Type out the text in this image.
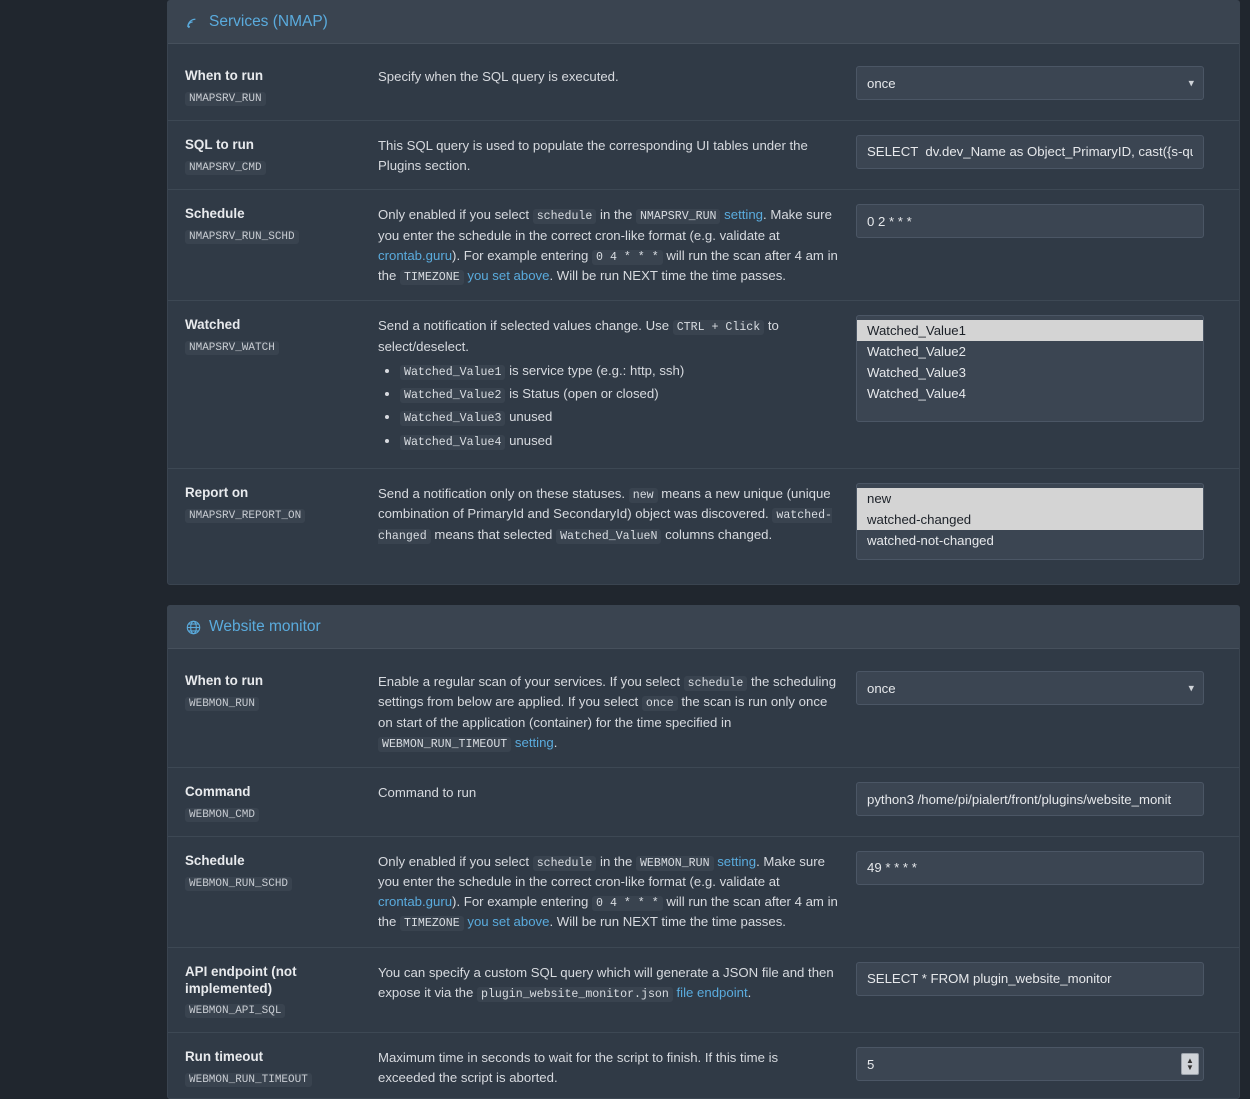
Services (NMAP)
When to run
NMAPSRV_RUN
Specify when the SQL query is executed.
once	▾
SQL to run
NMAPSRV_CMD
This SQL query is used to populate the corresponding UI tables under the Plugins section.
SELECT dv.dev_Name as Object_PrimaryID, cast({s-quo
Schedule
NMAPSRV_RUN_SCHD
Only enabled if you select schedule in the NMAPSRV_RUN setting. Make sure you enter the schedule in the correct cron-like format (e.g. validate at crontab.guru). For example entering 0 4 * * * will run the scan after 4 am in the TIMEZONE you set above. Will be run NEXT time the time passes.
0 2 * * *
Watched
NMAPSRV_WATCH
Send a notification if selected values change. Use CTRL + Click to select/deselect.
• Watched_Value1 is service type (e.g.: http, ssh)
• Watched_Value2 is Status (open or closed)
• Watched_Value3 unused
• Watched_Value4 unused
Watched_Value1
Watched_Value2
Watched_Value3
Watched_Value4
Report on
NMAPSRV_REPORT_ON
Send a notification only on these statuses. new means a new unique (unique combination of PrimaryId and SecondaryId) object was discovered. watched-changed means that selected Watched_ValueN columns changed.
new
watched-changed
watched-not-changed
Website monitor
When to run
WEBMON_RUN
Enable a regular scan of your services. If you select schedule the scheduling settings from below are applied. If you select once the scan is run only once on start of the application (container) for the time specified in WEBMON_RUN_TIMEOUT setting.
once
▾
Command
WEBMON_CMD
Command to run
python3 /home/pi/pialert/front/plugins/website_monit
Schedule
WEBMON_RUN_SCHD
Only enabled if you select schedule in the WEBMON_RUN setting. Make sure you enter the schedule in the correct cron-like format (e.g. validate at crontab.guru). For example entering 0 4 * * * will run the scan after 4 am in the TIMEZONE you set above. Will be run NEXT time the time passes.
49 * * * *
API endpoint (not implemented)
WEBMON_API_SQL
You can specify a custom SQL query which will generate a JSON file and then expose it via the plugin_website_monitor.json file endpoint.
SELECT * FROM plugin_website_monitor
Run timeout
WEBMON_RUN_TIMEOUT
Maximum time in seconds to wait for the script to finish. If this time is exceeded the script is aborted.
5
▲
▼
